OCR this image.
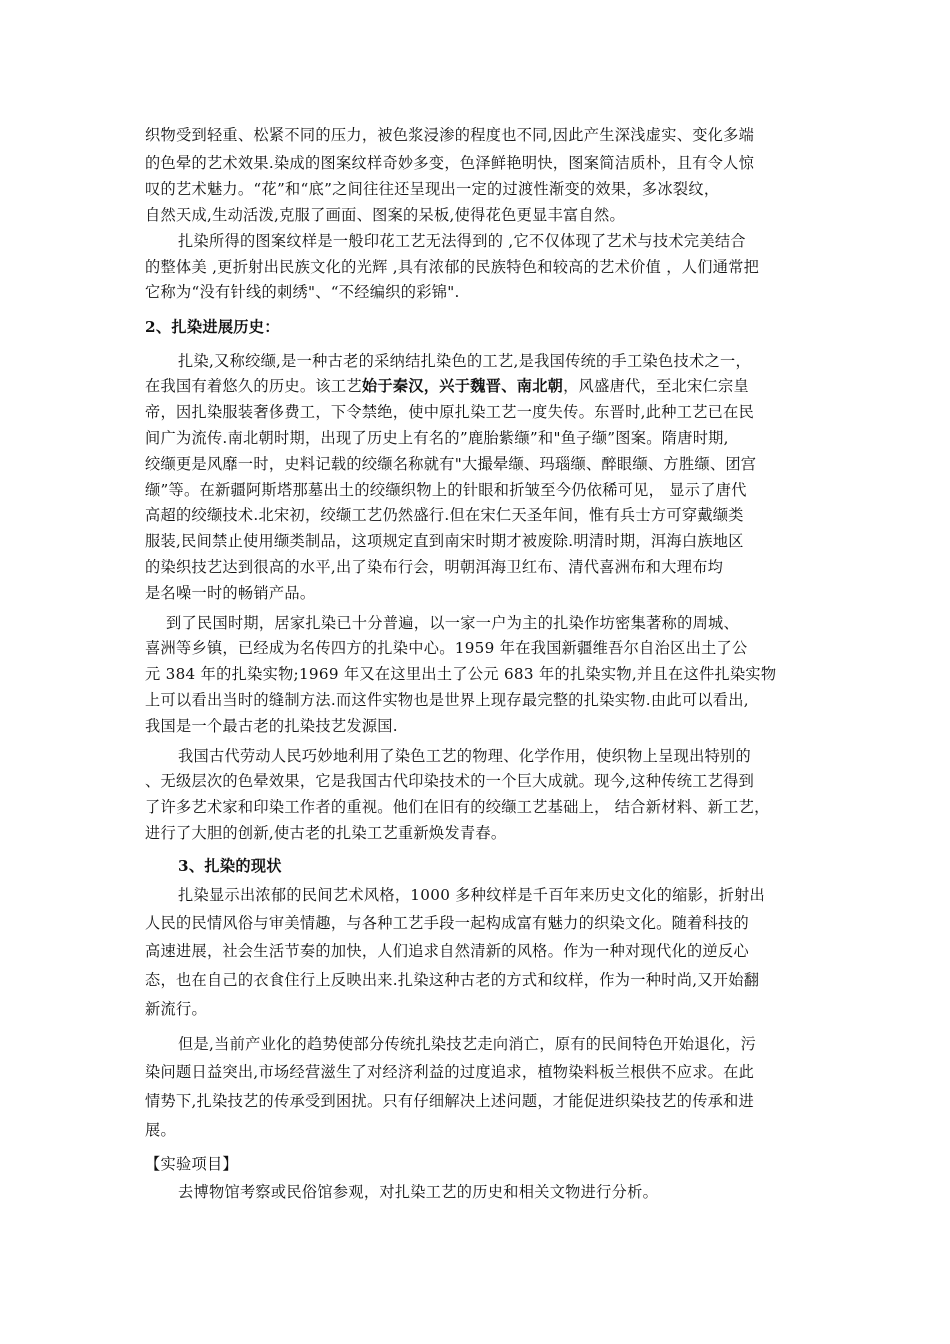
织物受到轻重、松紧不同的压力，被色浆浸渗的程度也不同,因此产生深浅虚实、变化多端
的色晕的艺术效果.染成的图案纹样奇妙多变，色泽鲜艳明快，图案简洁质朴，且有令人惊
叹的艺术魅力。“花”和“底”之间往往还呈现出一定的过渡性渐变的效果，多冰裂纹，
自然天成,生动活泼,克服了画面、图案的呆板,使得花色更显丰富自然。
扎染所得的图案纹样是一般印花工艺无法得到的 ,它不仅体现了艺术与技术完美结合
的整体美 ,更折射出民族文化的光辉 ,具有浓郁的民族特色和较高的艺术价值 ，人们通常把
它称为“没有针线的刺绣"、“不经编织的彩锦".
2、扎染进展历史：
扎染,又称绞缬,是一种古老的采纳结扎染色的工艺,是我国传统的手工染色技术之一，
在我国有着悠久的历史。该工艺始于秦汉，兴于魏晋、南北朝，风盛唐代，至北宋仁宗皇
帝，因扎染服装奢侈费工，下令禁绝，使中原扎染工艺一度失传。东晋时,此种工艺已在民
间广为流传.南北朝时期，出现了历史上有名的”鹿胎紫缬”和"鱼子缬”图案。隋唐时期,
绞缬更是风靡一时，史料记载的绞缬名称就有"大撮晕缬、玛瑙缬、醉眼缬、方胜缬、团宫
缬”等。在新疆阿斯塔那墓出土的绞缬织物上的针眼和折皱至今仍依稀可见， 显示了唐代
高超的绞缬技术.北宋初，绞缬工艺仍然盛行.但在宋仁天圣年间，惟有兵士方可穿戴缬类
服装,民间禁止使用缬类制品，这项规定直到南宋时期才被废除.明清时期，洱海白族地区
的染织技艺达到很高的水平,出了染布行会，明朝洱海卫红布、清代喜洲布和大理布均
是名噪一时的畅销产品。
到了民国时期，居家扎染已十分普遍，以一家一户为主的扎染作坊密集著称的周城、
喜洲等乡镇，已经成为名传四方的扎染中心。1959 年在我国新疆维吾尔自治区出土了公
元 384 年的扎染实物;1969 年又在这里出土了公元 683 年的扎染实物,并且在这件扎染实物
上可以看出当时的缝制方法.而这件实物也是世界上现存最完整的扎染实物.由此可以看出,
我国是一个最古老的扎染技艺发源国.
我国古代劳动人民巧妙地利用了染色工艺的物理、化学作用，使织物上呈现出特别的
、无级层次的色晕效果，它是我国古代印染技术的一个巨大成就。现今,这种传统工艺得到
了许多艺术家和印染工作者的重视。他们在旧有的绞缬工艺基础上， 结合新材料、新工艺，
进行了大胆的创新,使古老的扎染工艺重新焕发青春。
3、扎染的现状
扎染显示出浓郁的民间艺术风格，1000 多种纹样是千百年来历史文化的缩影，折射出
人民的民情风俗与审美情趣，与各种工艺手段一起构成富有魅力的织染文化。随着科技的
高速进展，社会生活节奏的加快，人们追求自然清新的风格。作为一种对现代化的逆反心
态，也在自己的衣食住行上反映出来.扎染这种古老的方式和纹样，作为一种时尚,又开始翻
新流行。
但是,当前产业化的趋势使部分传统扎染技艺走向消亡，原有的民间特色开始退化，污
染问题日益突出,市场经营滋生了对经济利益的过度追求，植物染料板兰根供不应求。在此
情势下,扎染技艺的传承受到困扰。只有仔细解决上述问题，才能促进织染技艺的传承和进
展。
【实验项目】
去博物馆考察或民俗馆参观，对扎染工艺的历史和相关文物进行分析。
